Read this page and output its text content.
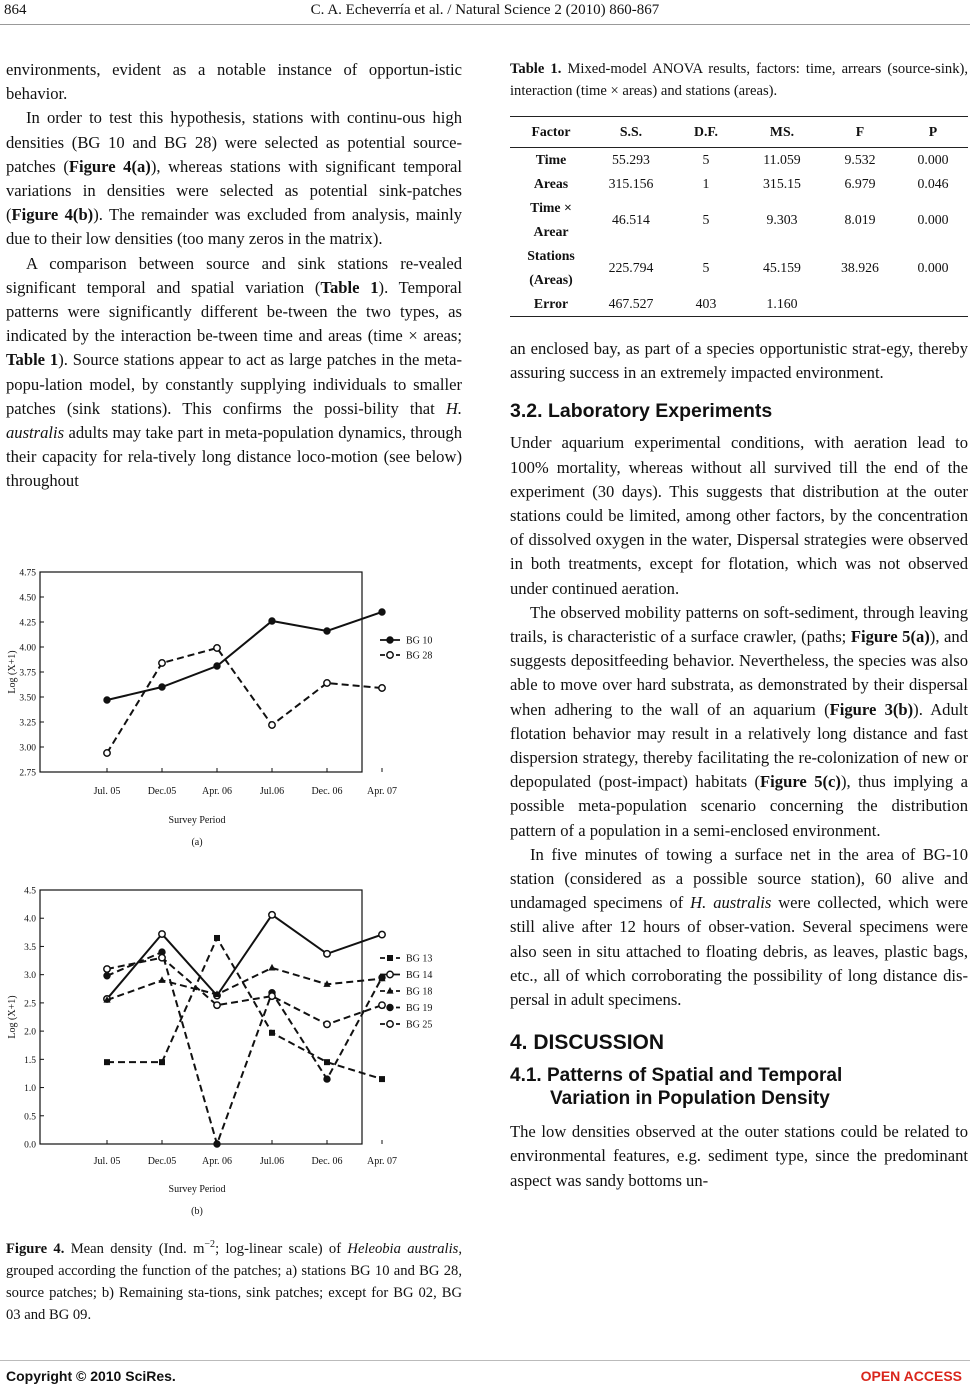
864	C. A. Echeverría et al. / Natural Science 2 (2010) 860-867

environments, evident as a notable instance of opportun-istic behavior.

In order to test this hypothesis, stations with continu-ous high densities (BG 10 and BG 28) were selected as potential source-patches (Figure 4(a)), whereas stations with significant temporal variations in densities were selected as potential sink-patches (Figure 4(b)). The remainder was excluded from analysis, mainly due to their low densities (too many zeros in the matrix).

A comparison between source and sink stations re-vealed significant temporal and spatial variation (Table 1). Temporal patterns were significantly different be-tween the two types, as indicated by the interaction be-tween time and areas (time × areas; Table 1). Source stations appear to act as large patches in the meta-popu-lation model, by constantly supplying individuals to smaller patches (sink stations). This confirms the possi-bility that H. australis adults may take part in meta-population dynamics, through their capacity for rela-tively long distance loco-motion (see below) throughout

2.75
3.00
3.25
3.50
3.75
4.00
4.25
4.50
4.75
Jul. 05	Dec.05	Apr. 06	Jul.06	Dec. 06 Apr. 07
Log (X+1)
Survey Period
(a)
BG 10
BG 28
0.0
0.5
1.0
1.5
2.0
2.5
3.0
3.5
4.0
4.5
Jul. 05	Dec.05	Apr. 06	Jul.06	Dec. 06 Apr. 07
Log (X+1)
Survey Period
(b)
BG 13
BG 14
BG 18
BG 19
BG 25
Figure 4. Mean density (Ind. $m^{-2}$; log-linear scale) of Heleobia australis, grouped according the function of the patches; a) stations BG 10 and BG 28, source patches; b) Remaining sta-tions, sink patches; except for BG 02, BG 03 and BG 09.
Table 1. Mixed-model ANOVA results, factors: time, arrears (source-sink), interaction (time × areas) and stations (areas).
Factor	S.S.	D.F.	MS.	F	P
Time	55.293	5	11.059	9.532	0.000
Areas	315.156	1	315.15	6.979	0.046
Time × Arear	46.514	5	9.303	8.019	0.000
Stations (Areas)	225.794	5	45.159	38.926	0.000
Error	467.527	403	1.160		

an enclosed bay, as part of a species opportunistic strat-egy, thereby assuring success in an extremely impacted environment.

3.2. Laboratory Experiments

Under aquarium experimental conditions, with aeration lead to 100% mortality, whereas without all survived till the end of the experiment (30 days). This suggests that distribution at the outer stations could be limited, among other factors, by the concentration of dissolved oxygen in the water, Dispersal strategies were observed in both treatments, except for flotation, which was not observed under continued aeration.

The observed mobility patterns on soft-sediment, through leaving trails, is characteristic of a surface crawler, (paths; Figure 5(a)), and suggests depositfeeding behavior. Nevertheless, the species was also able to move over hard substrata, as demonstrated by their dispersal when adhering to the wall of an aquarium (Figure 3(b)). Adult flotation behavior may result in a relatively long distance and fast dispersion strategy, thereby facilitating the re-colonization of new or depopulated (post-impact) habitats (Figure 5(c)), thus implying a possible meta-population scenario concerning the distribution pattern of a population in a semi-enclosed environment.

In five minutes of towing a surface net in the area of BG-10 station (considered as a possible source station), 60 alive and undamaged specimens of H. australis were collected, which were still alive after 12 hours of obser-vation. Several specimens were also seen in situ attached to floating debris, as leaves, plastic bags, etc., all of which corroborating the possibility of long distance dis-persal in adult specimens.

4. DISCUSSION
4.1. Patterns of Spatial and Temporal
Variation in Population Density

The low densities observed at the outer stations could be related to environmental features, e.g. sediment type, since the predominant aspect was sandy bottoms un-

Copyright © 2010 SciRes.	OPEN ACCESS
